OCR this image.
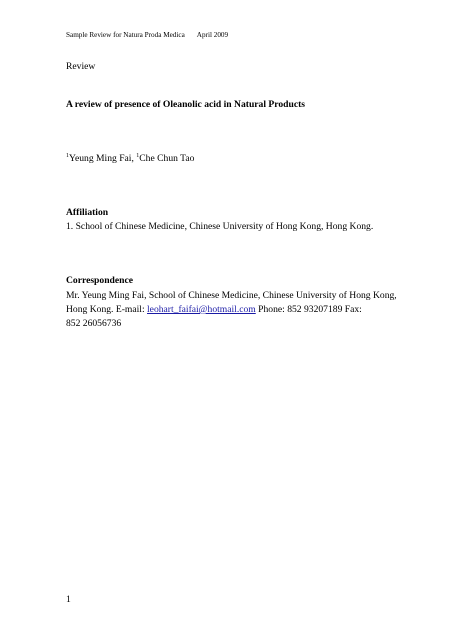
Sample Review for Natura Proda Medica April 2009
Review
A review of presence of Oleanolic acid in Natural Products
$^1$Yeung Ming Fai, $^1$Che Chun Tao
Affiliation
1. School of Chinese Medicine, Chinese University of Hong Kong, Hong Kong.
Correspondence
Mr. Yeung Ming Fai, School of Chinese Medicine, Chinese University of Hong Kong,
Hong Kong. E-mail: leohart_faifai@hotmail.com Phone: 852 93207189 Fax:
852 26056736
1
